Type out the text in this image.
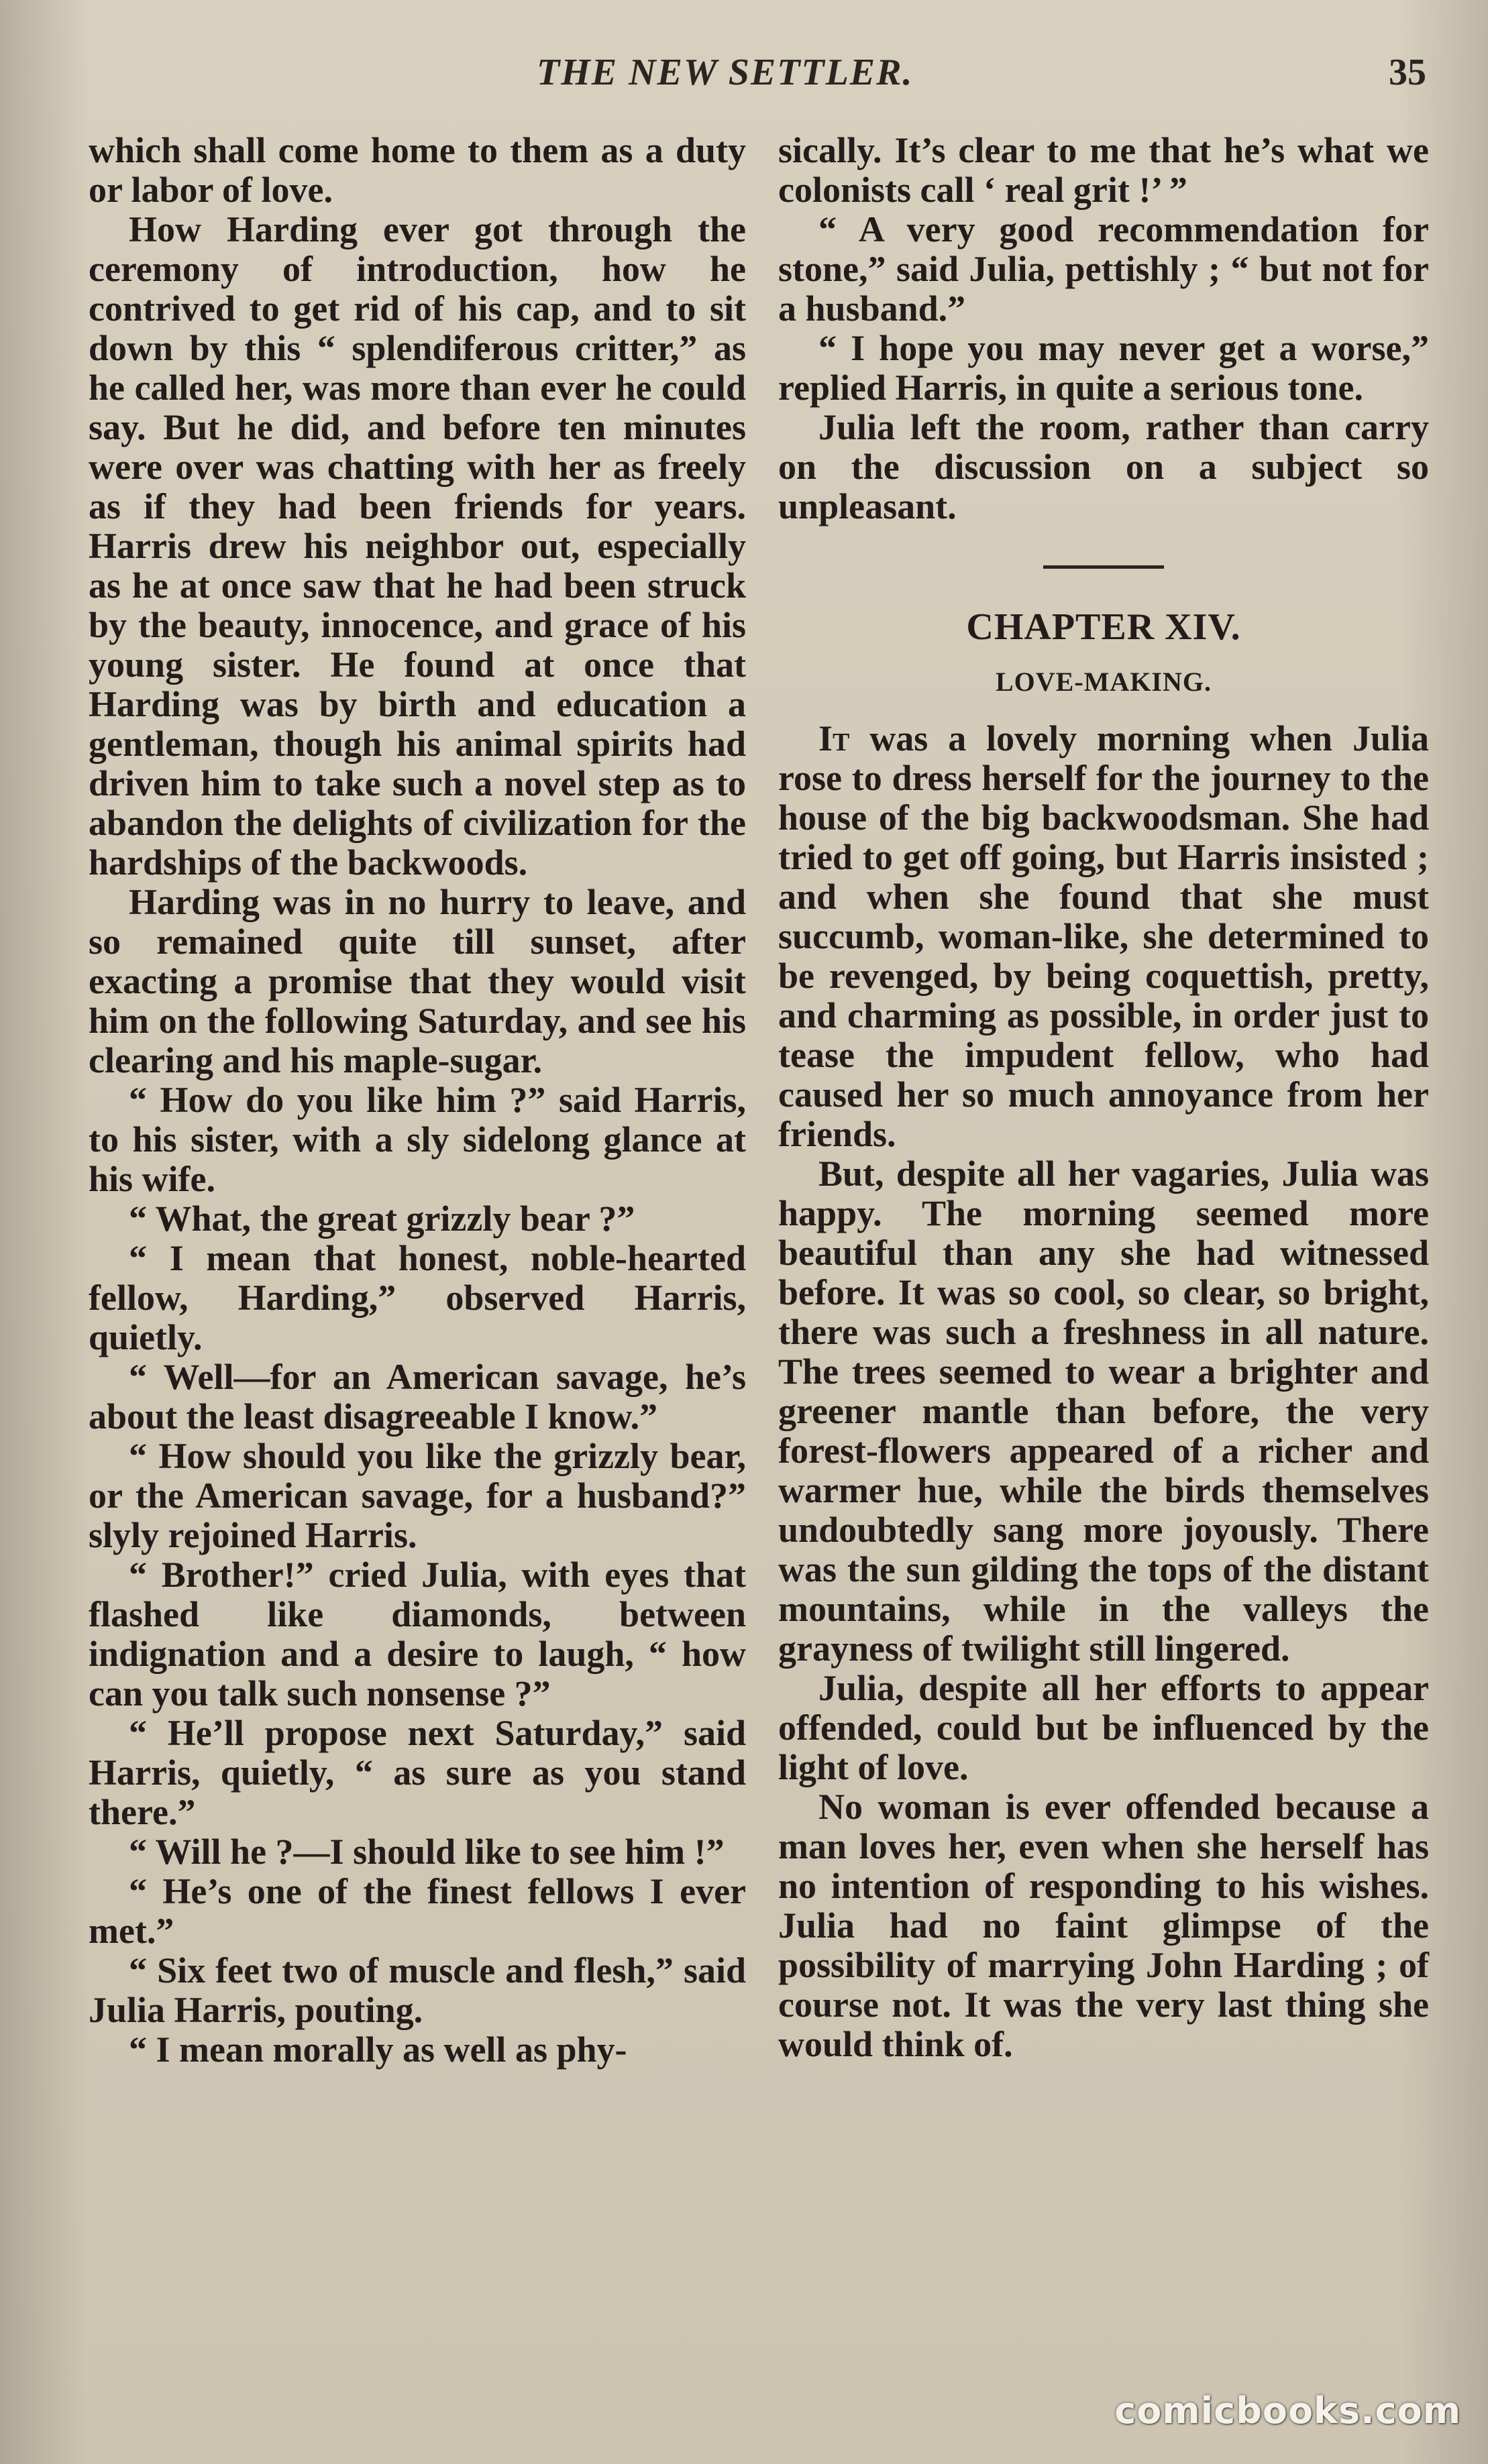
THE NEW SETTLER.	35

which shall come home to them as a duty or labor of love.

How Harding ever got through the ceremony of introduction, how he contrived to get rid of his cap, and to sit down by this “ splendiferous critter,” as he called her, was more than ever he could say. But he did, and before ten minutes were over was chatting with her as freely as if they had been friends for years. Harris drew his neighbor out, especially as he at once saw that he had been struck by the beauty, innocence, and grace of his young sister. He found at once that Harding was by birth and education a gentleman, though his animal spirits had driven him to take such a novel step as to abandon the delights of civilization for the hardships of the backwoods.

Harding was in no hurry to leave, and so remained quite till sunset, after exacting a promise that they would visit him on the following Saturday, and see his clearing and his maple-sugar.

“ How do you like him ?” said Harris, to his sister, with a sly sidelong glance at his wife.

“ What, the great grizzly bear ?”

“ I mean that honest, noble-hearted fellow, Harding,” observed Harris, quietly.

“ Well—for an American savage, he’s about the least disagreeable I know.”

“ How should you like the grizzly bear, or the American savage, for a husband?” slyly rejoined Harris.

“ Brother!” cried Julia, with eyes that flashed like diamonds, between indignation and a desire to laugh, “ how can you talk such nonsense ?”

“ He’ll propose next Saturday,” said Harris, quietly, “ as sure as you stand there.”

“ Will he ?—I should like to see him !”

“ He’s one of the finest fellows I ever met.”

“ Six feet two of muscle and flesh,” said Julia Harris, pouting.

“ I mean morally as well as phy-

sically. It’s clear to me that he’s what we colonists call ‘ real grit !’ ”

“ A very good recommendation for stone,” said Julia, pettishly ; “ but not for a husband.”

“ I hope you may never get a worse,” replied Harris, in quite a serious tone.

Julia left the room, rather than carry on the discussion on a subject so unpleasant.

CHAPTER XIV.
LOVE-MAKING.

It was a lovely morning when Julia rose to dress herself for the journey to the house of the big backwoodsman. She had tried to get off going, but Harris insisted ; and when she found that she must succumb, woman-like, she determined to be revenged, by being coquettish, pretty, and charming as possible, in order just to tease the impudent fellow, who had caused her so much annoyance from her friends.

But, despite all her vagaries, Julia was happy. The morning seemed more beautiful than any she had witnessed before. It was so cool, so clear, so bright, there was such a freshness in all nature. The trees seemed to wear a brighter and greener mantle than before, the very forest-flowers appeared of a richer and warmer hue, while the birds themselves undoubtedly sang more joyously. There was the sun gilding the tops of the distant mountains, while in the valleys the grayness of twilight still lingered.

Julia, despite all her efforts to appear offended, could but be influenced by the light of love.

No woman is ever offended because a man loves her, even when she herself has no intention of responding to his wishes. Julia had no faint glimpse of the possibility of marrying John Harding ; of course not. It was the very last thing she would think of.

comicbooks.com
